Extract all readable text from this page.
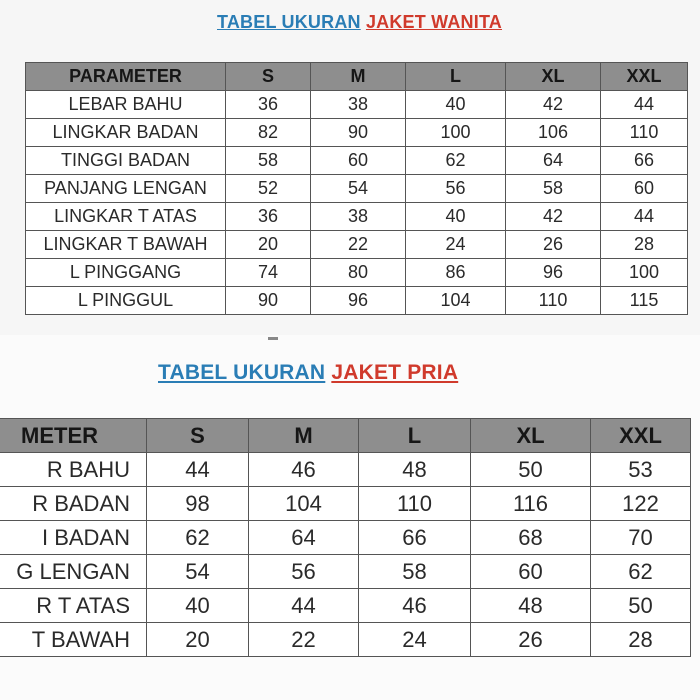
TABEL UKURAN JAKET WANITA
PARAMETER	S	M	L	XL	XXL
LEBAR BAHU	36	38	40	42	44
LINGKAR BADAN	82	90	100	106	110
TINGGI BADAN	58	60	62	64	66
PANJANG LENGAN	52	54	56	58	60
LINGKAR T ATAS	36	38	40	42	44
LINGKAR T BAWAH	20	22	24	26	28
L PINGGANG	74	80	86	96	100
L PINGGUL	90	96	104	110	115
TABEL UKURAN JAKET PRIA
METER	S	M	L	XL	XXL
R BAHU	44	46	48	50	53
R BADAN	98	104	110	116	122
I BADAN	62	64	66	68	70
G LENGAN	54	56	58	60	62
R T ATAS	40	44	46	48	50
T BAWAH	20	22	24	26	28
